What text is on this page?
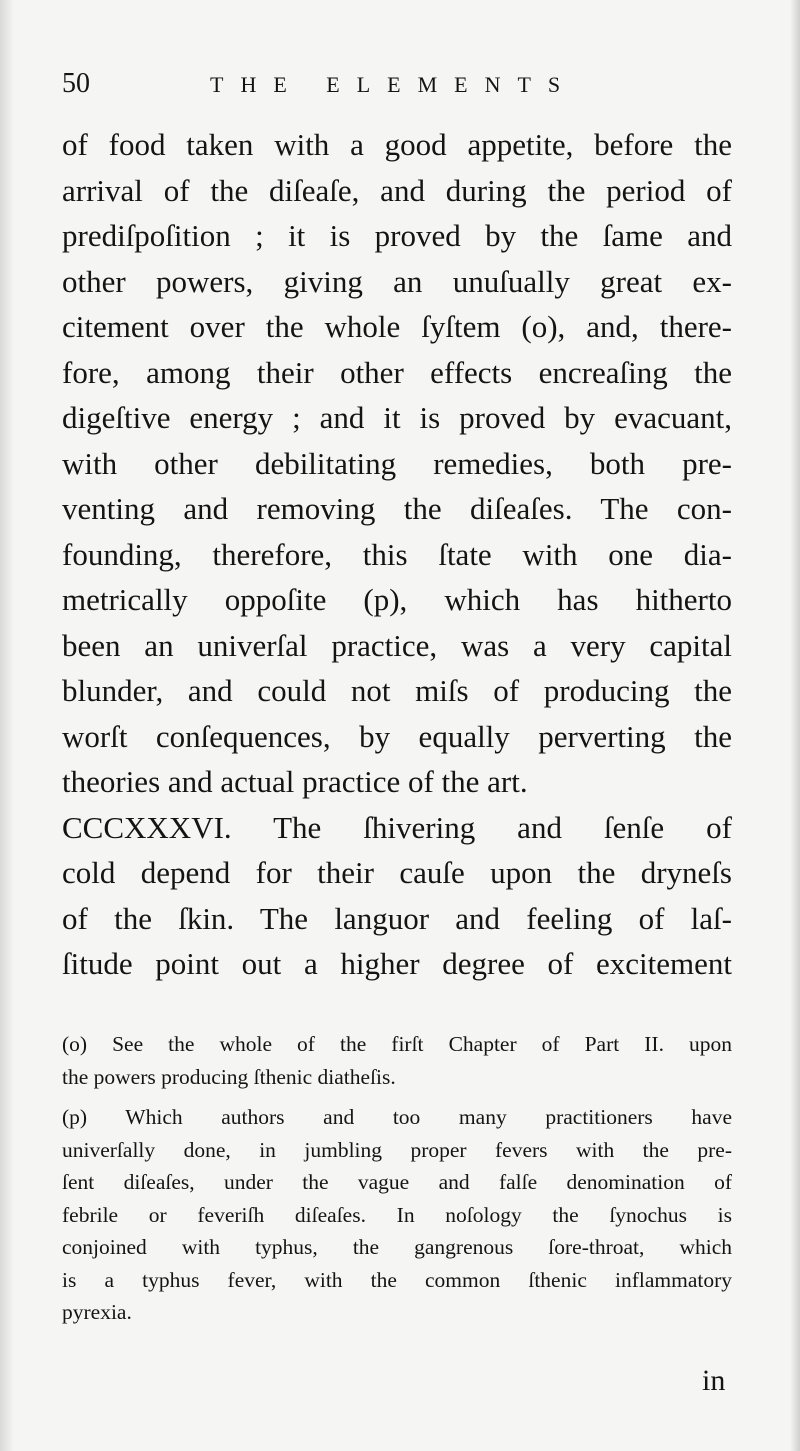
50	THE ELEMENTS
of food taken with a good appetite, before the
arrival of the diſeaſe, and during the period of
prediſpoſition ; it is proved by the ſame and
other powers, giving an unuſually great ex-
citement over the whole ſyſtem (o), and, there-
fore, among their other effects encreaſing the
digeſtive energy ; and it is proved by evacuant,
with other debilitating remedies, both pre-
venting and removing the diſeaſes. The con-
founding, therefore, this ſtate with one dia-
metrically oppoſite (p), which has hitherto
been an univerſal practice, was a very capital
blunder, and could not miſs of producing the
worſt conſequences, by equally perverting the
theories and actual practice of the art.
CCCXXXVI. The ſhivering and ſenſe of
cold depend for their cauſe upon the dryneſs
of the ſkin. The languor and feeling of laſ-
ſitude point out a higher degree of excitement
(o) See the whole of the firſt Chapter of Part II. upon
the powers producing ſthenic diatheſis.
(p) Which authors and too many practitioners have
univerſally done, in jumbling proper fevers with the pre-
ſent diſeaſes, under the vague and falſe denomination of
febrile or feveriſh diſeaſes. In noſology the ſynochus is
conjoined with typhus, the gangrenous ſore-throat, which
is a typhus fever, with the common ſthenic inflammatory
pyrexia.
in
